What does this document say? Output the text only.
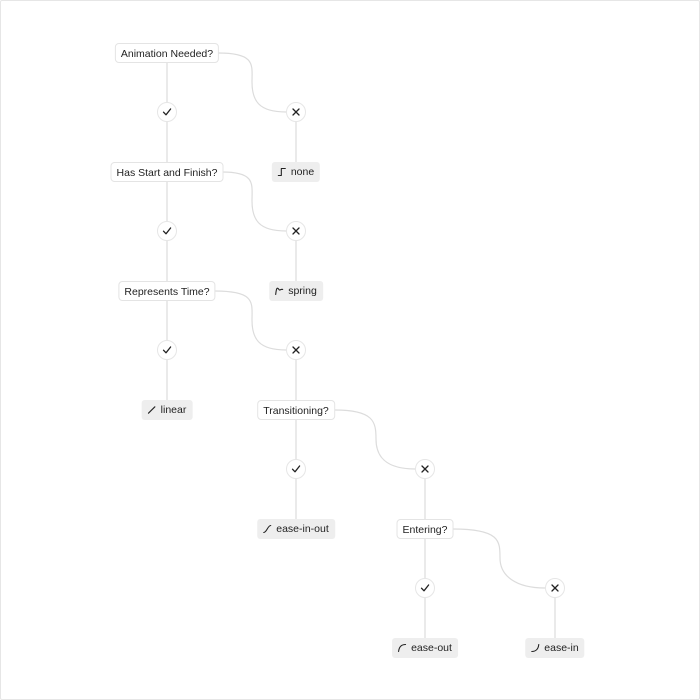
Animation Needed?
Has Start and Finish?
Represents Time?
Transitioning?
Entering?
none
spring
linear
ease-in-out
ease-out	ease-in
